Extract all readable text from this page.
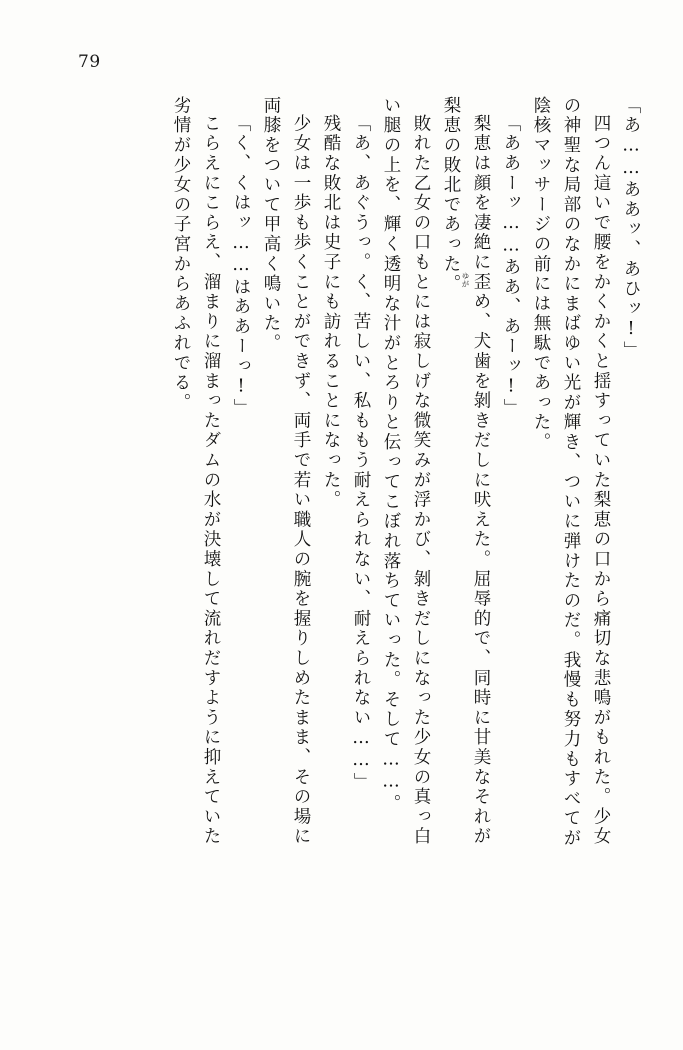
79
「あ……ああッ、あひッ!」
四つん這いで腰をかくかくと揺すっていた梨恵の口から痛切な悲鳴がもれた。少女
の神聖な局部のなかにまばゆい光が輝き、ついに弾けたのだ。我慢も努力もすべてが
陰核マッサージの前には無駄であった。
「ああーッ……ああ、あーッ!」
梨恵は顔を凄絶に歪
ゆが
め、犬歯を剝きだしに吠えた。屈辱的で、同時に甘美なそれが
梨恵の敗北であった。
敗れた乙女の口もとには寂しげな微笑みが浮かび、剝きだしになった少女の真っ白
い腿の上を、輝く透明な汁がとろりと伝ってこぼれ落ちていった。そして……。
「あ、あぐうっ。く、苦しい、私ももう耐えられない、耐えられない……」
残酷な敗北は史子にも訪れることになった。
少女は一歩も歩くことができず、両手で若い職人の腕を握りしめたまま、その場に
両膝をついて甲高く鳴いた。
「く、くはッ……はああーっ!」
こらえにこらえ、溜まりに溜まったダムの水が決壊して流れだすように抑えていた
劣情が少女の子宮からあふれでる。
